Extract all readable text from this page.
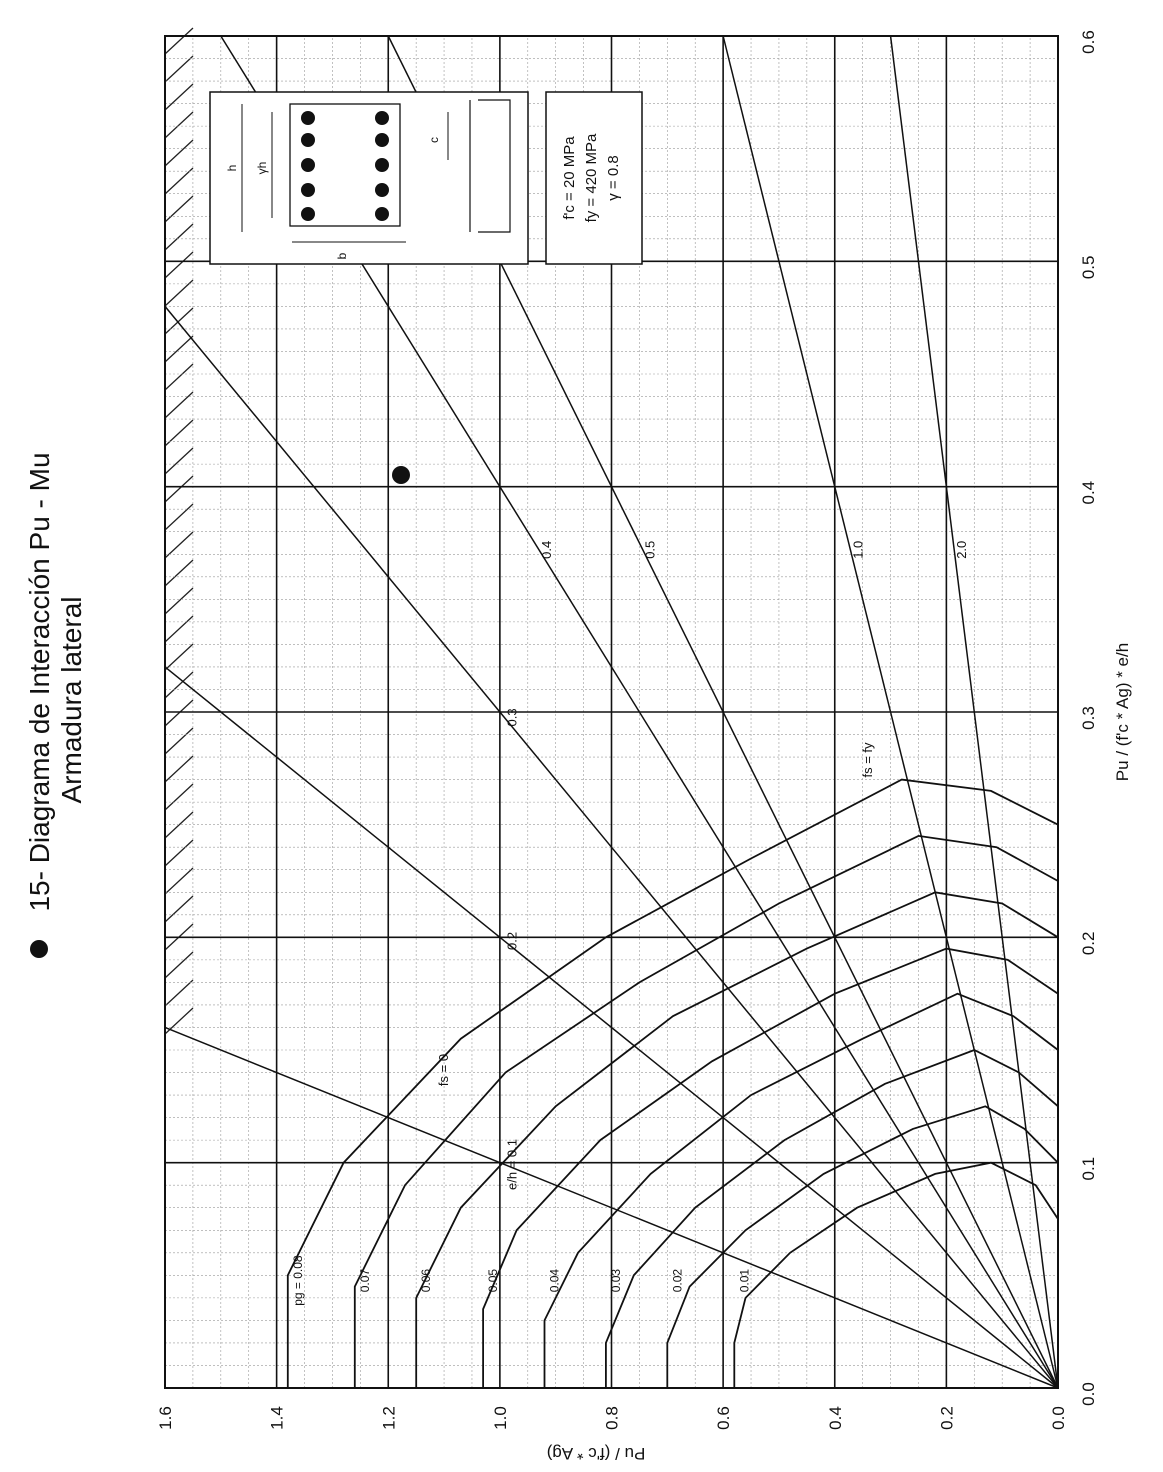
15- Diagrama de Interacción Pu - Mu Armadura lateral
0.0
0.1
0.2
0.3
0.4
0.5
0.6
0.0
0.2
0.4
0.6
0.8
1.0
1.2
1.4
1.6
e/h = 0.1
0.2
0.3
0.4	0.5	1.0	2.0
0.01
0.02
0.03
0.04
0.05
0.06
0.07
pg = 0.08
fs = 0
fs = fy	Pu / (f'c * Ag) * e/h
Pu / (f'c * Ag)
h γh
b
c	f'c = 20 MPa fy = 420 MPa γ = 0.8
